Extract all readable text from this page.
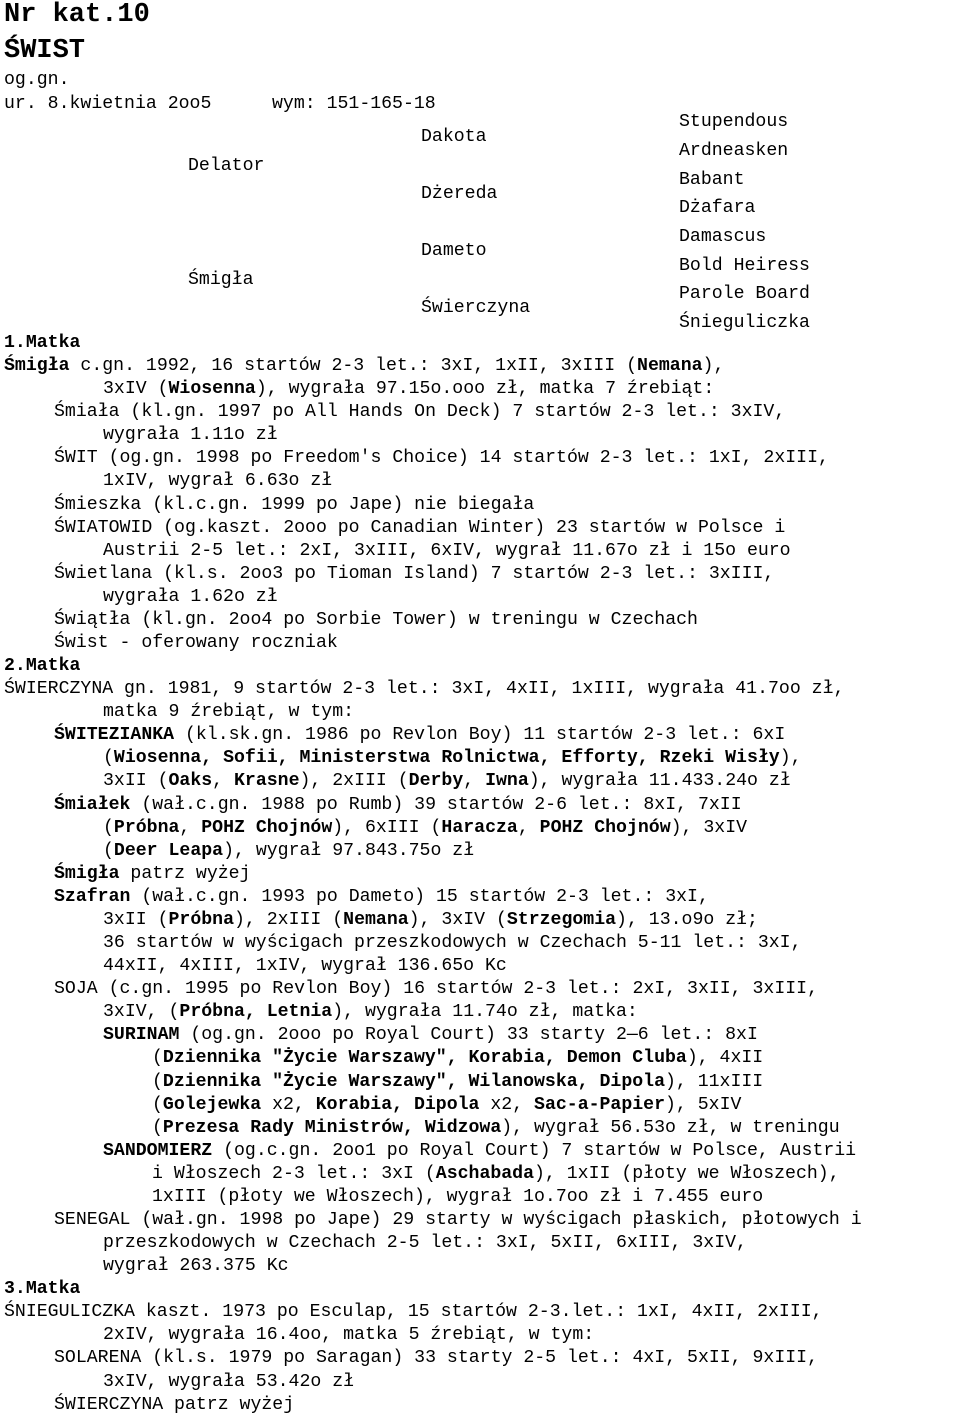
Nr kat.10
ŚWIST
og.gn.
ur. 8.kwietnia 2oo5	wym: 151-165-18
Delator
Śmigła
Dakota
Dżereda
Dameto
Świerczyna
Stupendous
Ardneasken
Babant
Dżafara
Damascus
Bold Heiress
Parole Board
Śnieguliczka
1.Matka
Śmigła c.gn. 1992, 16 startów 2-3 let.: 3xI, 1xII, 3xIII (Nemana),
3xIV (Wiosenna), wygrała 97.15o.ooo zł, matka 7 źrebiąt:
Śmiała (kl.gn. 1997 po All Hands On Deck) 7 startów 2-3 let.: 3xIV,
wygrała 1.11o zł
ŚWIT (og.gn. 1998 po Freedom's Choice) 14 startów 2-3 let.: 1xI, 2xIII,
1xIV, wygrał 6.63o zł
Śmieszka (kl.c.gn. 1999 po Jape) nie biegała
ŚWIATOWID (og.kaszt. 2ooo po Canadian Winter) 23 startów w Polsce i
Austrii 2-5 let.: 2xI, 3xIII, 6xIV, wygrał 11.67o zł i 15o euro
Świetlana (kl.s. 2oo3 po Tioman Island) 7 startów 2-3 let.: 3xIII,
wygrała 1.62o zł
Świątła (kl.gn. 2oo4 po Sorbie Tower) w treningu w Czechach
Świst - oferowany roczniak
2.Matka
ŚWIERCZYNA gn. 1981, 9 startów 2-3 let.: 3xI, 4xII, 1xIII, wygrała 41.7oo zł,
matka 9 źrebiąt, w tym:
ŚWITEZIANKA (kl.sk.gn. 1986 po Revlon Boy) 11 startów 2-3 let.: 6xI
(Wiosenna, Sofii, Ministerstwa Rolnictwa, Efforty, Rzeki Wisły),
3xII (Oaks, Krasne), 2xIII (Derby, Iwna), wygrała 11.433.24o zł
Śmiałek (wał.c.gn. 1988 po Rumb) 39 startów 2-6 let.: 8xI, 7xII
(Próbna, POHZ Chojnów), 6xIII (Haracza, POHZ Chojnów), 3xIV
(Deer Leapa), wygrał 97.843.75o zł
Śmigła patrz wyżej
Szafran (wał.c.gn. 1993 po Dameto) 15 startów 2-3 let.: 3xI,
3xII (Próbna), 2xIII (Nemana), 3xIV (Strzegomia), 13.o9o zł;
36 startów w wyścigach przeszkodowych w Czechach 5-11 let.: 3xI,
44xII, 4xIII, 1xIV, wygrał 136.65o Kc
SOJA (c.gn. 1995 po Revlon Boy) 16 startów 2-3 let.: 2xI, 3xII, 3xIII,
3xIV, (Próbna, Letnia), wygrała 11.74o zł, matka:
SURINAM (og.gn. 2ooo po Royal Court) 33 starty 2—6 let.: 8xI
(Dziennika "Życie Warszawy", Korabia, Demon Cluba), 4xII
(Dziennika "Życie Warszawy", Wilanowska, Dipola), 11xIII
(Golejewka x2, Korabia, Dipola x2, Sac-a-Papier), 5xIV
(Prezesa Rady Ministrów, Widzowa), wygrał 56.53o zł, w treningu
SANDOMIERZ (og.c.gn. 2oo1 po Royal Court) 7 startów w Polsce, Austrii
i Włoszech 2-3 let.: 3xI (Aschabada), 1xII (płoty we Włoszech),
1xIII (płoty we Włoszech), wygrał 1o.7oo zł i 7.455 euro
SENEGAL (wał.gn. 1998 po Jape) 29 starty w wyścigach płaskich, płotowych i
przeszkodowych w Czechach 2-5 let.: 3xI, 5xII, 6xIII, 3xIV,
wygrał 263.375 Kc
3.Matka
ŚNIEGULICZKA kaszt. 1973 po Esculap, 15 startów 2-3.let.: 1xI, 4xII, 2xIII,
2xIV, wygrała 16.4oo, matka 5 źrebiąt, w tym:
SOLARENA (kl.s. 1979 po Saragan) 33 starty 2-5 let.: 4xI, 5xII, 9xIII,
3xIV, wygrała 53.42o zł
ŚWIERCZYNA patrz wyżej
